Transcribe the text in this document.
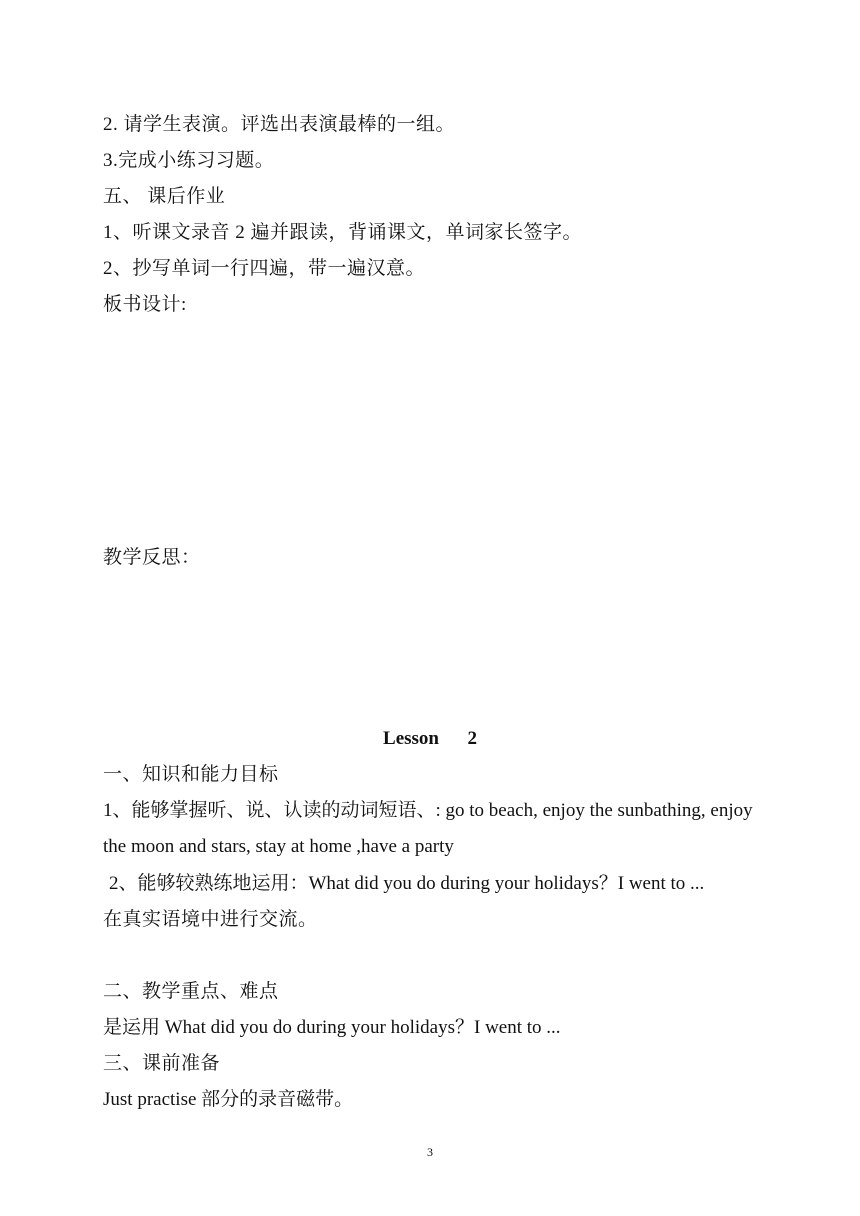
2. 请学生表演。评选出表演最棒的一组。
3.完成小练习习题。
五、 课后作业
1、听课文录音 2 遍并跟读，背诵课文，单词家长签字。
2、抄写单词一行四遍，带一遍汉意。
板书设计:
教学反思：
Lesson      2
一、知识和能力目标
1、能够掌握听、说、认读的动词短语、: go to beach, enjoy the sunbathing, enjoy
the moon and stars, stay at home ,have a party
2、能够较熟练地运用：What did you do during your holidays？I went to ...
在真实语境中进行交流。
二、教学重点、难点
是运用 What did you do during your holidays？I went to ...
三、课前准备
Just practise 部分的录音磁带。
3
